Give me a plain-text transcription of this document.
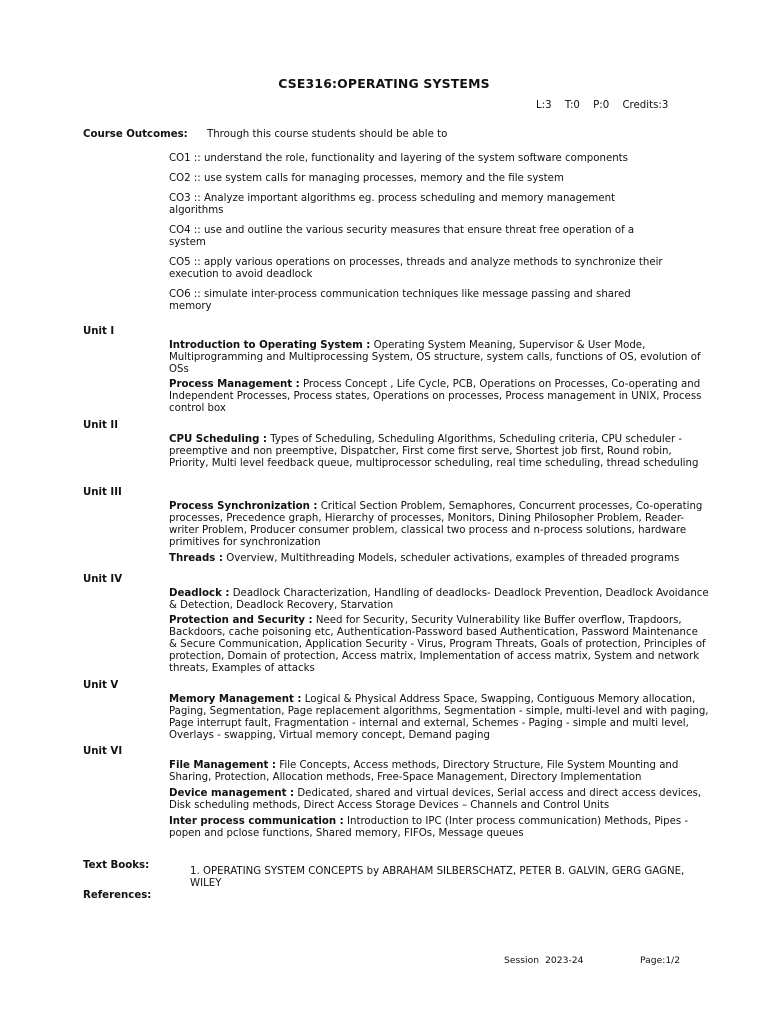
CSE316:OPERATING SYSTEMS
L:3 T:0 P:0 Credits:3
Course Outcomes: Through this course students should be able to
CO1 :: understand the role, functionality and layering of the system software components
CO2 :: use system calls for managing processes, memory and the file system
CO3 :: Analyze important algorithms eg. process scheduling and memory management algorithms
CO4 :: use and outline the various security measures that ensure threat free operation of a system
CO5 :: apply various operations on processes, threads and analyze methods to synchronize their execution to avoid deadlock
CO6 :: simulate inter-process communication techniques like message passing and shared memory
Unit I
Introduction to Operating System : Operating System Meaning, Supervisor & User Mode, Multiprogramming and Multiprocessing System, OS structure, system calls, functions of OS, evolution of OSs
Process Management : Process Concept , Life Cycle, PCB, Operations on Processes, Co-operating and Independent Processes, Process states, Operations on processes, Process management in UNIX, Process control box
Unit II
CPU Scheduling : Types of Scheduling, Scheduling Algorithms, Scheduling criteria, CPU scheduler - preemptive and non preemptive, Dispatcher, First come first serve, Shortest job first, Round robin, Priority, Multi level feedback queue, multiprocessor scheduling, real time scheduling, thread scheduling
Unit III
Process Synchronization : Critical Section Problem, Semaphores, Concurrent processes, Co-operating processes, Precedence graph, Hierarchy of processes, Monitors, Dining Philosopher Problem, Reader-writer Problem, Producer consumer problem, classical two process and n-process solutions, hardware primitives for synchronization
Threads : Overview, Multithreading Models, scheduler activations, examples of threaded programs
Unit IV
Deadlock : Deadlock Characterization, Handling of deadlocks- Deadlock Prevention, Deadlock Avoidance & Detection, Deadlock Recovery, Starvation
Protection and Security : Need for Security, Security Vulnerability like Buffer overflow, Trapdoors, Backdoors, cache poisoning etc, Authentication-Password based Authentication, Password Maintenance & Secure Communication, Application Security - Virus, Program Threats, Goals of protection, Principles of protection, Domain of protection, Access matrix, Implementation of access matrix, System and network threats, Examples of attacks
Unit V
Memory Management : Logical & Physical Address Space, Swapping, Contiguous Memory allocation, Paging, Segmentation, Page replacement algorithms, Segmentation - simple, multi-level and with paging, Page interrupt fault, Fragmentation - internal and external, Schemes - Paging - simple and multi level, Overlays - swapping, Virtual memory concept, Demand paging
Unit VI
File Management : File Concepts, Access methods, Directory Structure, File System Mounting and Sharing, Protection, Allocation methods, Free-Space Management, Directory Implementation
Device management : Dedicated, shared and virtual devices, Serial access and direct access devices, Disk scheduling methods, Direct Access Storage Devices – Channels and Control Units
Inter process communication : Introduction to IPC (Inter process communication) Methods, Pipes - popen and pclose functions, Shared memory, FIFOs, Message queues
Text Books:
1. OPERATING SYSTEM CONCEPTS by ABRAHAM SILBERSCHATZ, PETER B. GALVIN, GERG GAGNE, WILEY
References:
Session 2023-24	Page:1/2
